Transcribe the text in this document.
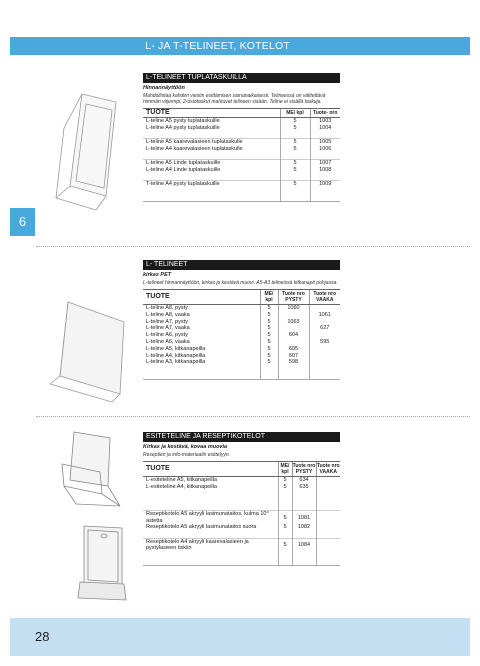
L- JA T-TELINEET, KOTELOT
6
L-TELINEET TUPLATASKUILLA
Hinnannäyttöön
Mahdollistaa kahden viestin esittämisen samanaikaisesti. Telineessä on välitettävä himmän viijennpi, 2-osiotaskut mahtuvat telineen sisään. Teline ei sisällä taskuja.
TUOTE	ME/ kpl	Tuote- nro
L-teline A5 pysty tuplataskuille	5	1003
L-teline A4 pysty tuplataskuille	5	1004

L-teline A5 kaarevalasieen tuplataskulle	5	1005
L-teline A4 kaarevalasieen tuplataskulle	5	1006

L-teline A5 Linde tuplataskuille	5	1007
L-teline A4 Linde tuplataskuille	5	1008

T-teline A4 pysty tuplataskuille	5	1009

L- TELINEET
kirkas PET
L-telineet hinnannäyttöön, kirkas ja kestävä muovi. A5-A3 telineissä kitkanapit pohjassa.
TUOTE	ME/ kpl	Tuote nro PYSTY	Tuote nro VAAKA
L-teline A8, pysty	5	1060	
L-teline A8, vaaka	5		1061
L-teline A7, pysty	5	1063	
L-teline A7, vaaka	5		627
L-teline A6, pysty	5	604	
L-teline A6, vaaka	5		595
L-teline A5, kitkanapeilla	5	605	
L-teline A4, kitkanapeilla	5	607	
L-teline A3, kitkanapeilla	5	598	

ESITETELINE JA RESEPTIKOTELOT
Kirkas ja kestävä, kovaa muovia
Reseptien ja info-materiaalin esittelyyn.
TUOTE	ME/ kpl	Tuote nro PYSTY	Tuote nro VAAKA
L-esiteteline A5, kitkanapeilla	5	634	
L-esiteteline A4, kitkanapeilla	5	635	

Reseptikotelo A5 akryyli lasimunataitos, kulma 10° astetta	5	1081	
Reseptikotelo A5 akryyli lasimunataitos suora	5	1082	

Reseptikotelo A4 akryyli kaarevalasieen ja pystylasieen tiskiin	5	1084	

28
